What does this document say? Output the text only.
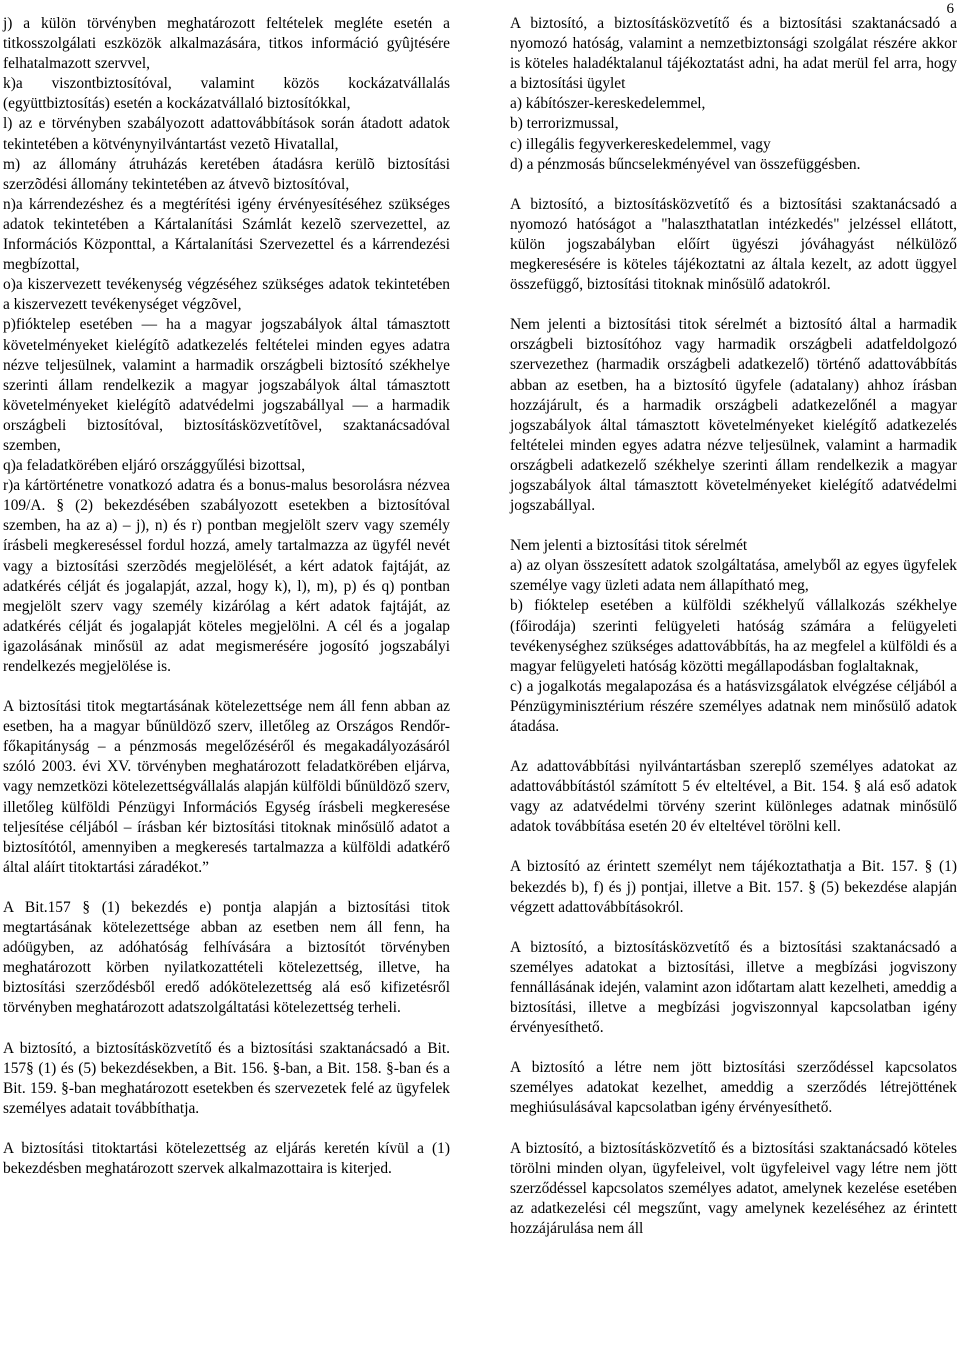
6
j) a külön törvényben meghatározott feltételek megléte esetén a titkosszolgálati eszközök alkalmazására, titkos információ gyûjtésére felhatalmazott szervvel,
k)a viszontbiztosítóval, valamint közös kockázatvállalás (együttbiztosítás) esetén a kockázatvállaló biztosítókkal,
l) az e törvényben szabályozott adattovábbítások során átadott adatok tekintetében a kötvénynyilvántartást vezetõ Hivatallal,
m) az állomány átruházás keretében átadásra kerülõ biztosítási szerzõdési állomány tekintetében az átvevõ biztosítóval,
n)a kárrendezéshez és a megtérítési igény érvényesítéséhez szükséges adatok tekintetében a Kártalanítási Számlát kezelõ szervezettel, az Információs Központtal, a Kártalanítási Szervezettel és a kárrendezési megbízottal,
o)a kiszervezett tevékenység végzéséhez szükséges adatok tekintetében a kiszervezett tevékenységet végzõvel,
p)fióktelep esetében — ha a magyar jogszabályok által támasztott követelményeket kielégítõ adatkezelés feltételei minden egyes adatra nézve teljesülnek, valamint a harmadik országbeli biztosító székhelye szerinti állam rendelkezik a magyar jogszabályok által támasztott követelményeket kielégítõ adatvédelmi jogszabállyal — a harmadik országbeli biztosítóval, biztosításközvetítõvel, szaktanácsadóval szemben,
q)a feladatkörében eljáró országgyűlési bizottsal,
r)a kártörténetre vonatkozó adatra és a bonus-malus besorolásra nézvea 109/A. § (2) bekezdésében szabályozott esetekben a biztosítóval szemben, ha az a) – j), n) és r) pontban megjelölt szerv vagy személy írásbeli megkereséssel fordul hozzá, amely tartalmazza az ügyfél nevét vagy a biztosítási szerzõdés megjelölését, a kért adatok fajtáját, az adatkérés célját és jogalapját, azzal, hogy k), l), m), p) és q) pontban megjelölt szerv vagy személy kizárólag a kért adatok fajtáját, az adatkérés célját és jogalapját köteles megjelölni. A cél és a jogalap igazolásának minősül az adat megismerésére jogosító jogszabályi rendelkezés megjelölése is.

A biztosítási titok megtartásának kötelezettsége nem áll fenn abban az esetben, ha a magyar bűnüldöző szerv, illetőleg az Országos Rendőr-főkapitányság – a pénzmosás megelőzéséről és megakadályozásáról szóló 2003. évi XV. törvényben meghatározott feladatkörében eljárva, vagy nemzetközi kötelezettségvállalás alapján külföldi bűnüldöző szerv, illetőleg külföldi Pénzügyi Információs Egység írásbeli megkeresése teljesítése céljából – írásban kér biztosítási titoknak minősülő adatot a biztosítótól, amennyiben a megkeresés tartalmazza a külföldi adatkérő által aláírt titoktartási záradékot.”

A Bit.157 § (1) bekezdés e) pontja alapján a biztosítási titok megtartásának kötelezettsége abban az esetben nem áll fenn, ha adóügyben, az adóhatóság felhívására a biztosítót törvényben meghatározott körben nyilatkozattételi kötelezettség, illetve, ha biztosítási szerződésből eredő adókötelezettség alá eső kifizetésről törvényben meghatározott adatszolgáltatási kötelezettség terheli.

A biztosító, a biztosításközvetítő és a biztosítási szaktanácsadó a Bit. 157§ (1) és (5) bekezdésekben, a Bit. 156. §-ban, a Bit. 158. §-ban és a Bit. 159. §-ban meghatározott esetekben és szervezetek felé az ügyfelek személyes adatait továbbíthatja.

A biztosítási titoktartási kötelezettség az eljárás keretén kívül a (1) bekezdésben meghatározott szervek alkalmazottaira is kiterjed.

A biztosító, a biztosításközvetítő és a biztosítási szaktanácsadó a nyomozó hatóság, valamint a nemzetbiztonsági szolgálat részére akkor is köteles haladéktalanul tájékoztatást adni, ha adat merül fel arra, hogy a biztosítási ügylet
a) kábítószer-kereskedelemmel,
b) terrorizmussal,
c) illegális fegyverkereskedelemmel, vagy
d) a pénzmosás bűncselekményével van összefüggésben.

A biztosító, a biztosításközvetítő és a biztosítási szaktanácsadó a nyomozó hatóságot a "halaszthatatlan intézkedés" jelzéssel ellátott, külön jogszabályban előírt ügyészi jóváhagyást nélkülöző megkeresésére is köteles tájékoztatni az általa kezelt, az adott üggyel összefüggő, biztosítási titoknak minősülő adatokról.

Nem jelenti a biztosítási titok sérelmét a biztosító által a harmadik országbeli biztosítóhoz vagy harmadik országbeli adatfeldolgozó szervezethez (harmadik országbeli adatkezelő) történő adattovábbítás abban az esetben, ha a biztosító ügyfele (adatalany) ahhoz írásban hozzájárult, és a harmadik országbeli adatkezelőnél a magyar jogszabályok által támasztott követelményeket kielégítő adatkezelés feltételei minden egyes adatra nézve teljesülnek, valamint a harmadik országbeli adatkezelő székhelye szerinti állam rendelkezik a magyar jogszabályok által támasztott követelményeket kielégítő adatvédelmi jogszabállyal.

Nem jelenti a biztosítási titok sérelmét
a) az olyan összesített adatok szolgáltatása, amelyből az egyes ügyfelek személye vagy üzleti adata nem állapítható meg,
b) fióktelep esetében a külföldi székhelyű vállalkozás székhelye (főirodája) szerinti felügyeleti hatóság számára a felügyeleti tevékenységhez szükséges adattovábbítás, ha az megfelel a külföldi és a magyar felügyeleti hatóság közötti megállapodásban foglaltaknak,
c) a jogalkotás megalapozása és a hatásvizsgálatok elvégzése céljából a Pénzügyminisztérium részére személyes adatnak nem minősülő adatok átadása.

Az adattovábbítási nyilvántartásban szereplő személyes adatokat az adattovábbítástól számított 5 év elteltével, a Bit. 154. § alá eső adatok vagy az adatvédelmi törvény szerint különleges adatnak minősülő adatok továbbítása esetén 20 év elteltével törölni kell.

A biztosító az érintett személyt nem tájékoztathatja a Bit. 157. § (1) bekezdés b), f) és j) pontjai, illetve a Bit. 157. § (5) bekezdése alapján végzett adattovábbításokról.

A biztosító, a biztosításközvetítő és a biztosítási szaktanácsadó a személyes adatokat a biztosítási, illetve a megbízási jogviszony fennállásának idején, valamint azon időtartam alatt kezelheti, ameddig a biztosítási, illetve a megbízási jogviszonnyal kapcsolatban igény érvényesíthető.

A biztosító a létre nem jött biztosítási szerződéssel kapcsolatos személyes adatokat kezelhet, ameddig a szerződés létrejöttének meghiúsulásával kapcsolatban igény érvényesíthető.

A biztosító, a biztosításközvetítő és a biztosítási szaktanácsadó köteles törölni minden olyan, ügyfeleivel, volt ügyfeleivel vagy létre nem jött szerződéssel kapcsolatos személyes adatot, amelynek kezelése esetében az adatkezelési cél megszűnt, vagy amelynek kezeléséhez az érintett hozzájárulása nem áll
